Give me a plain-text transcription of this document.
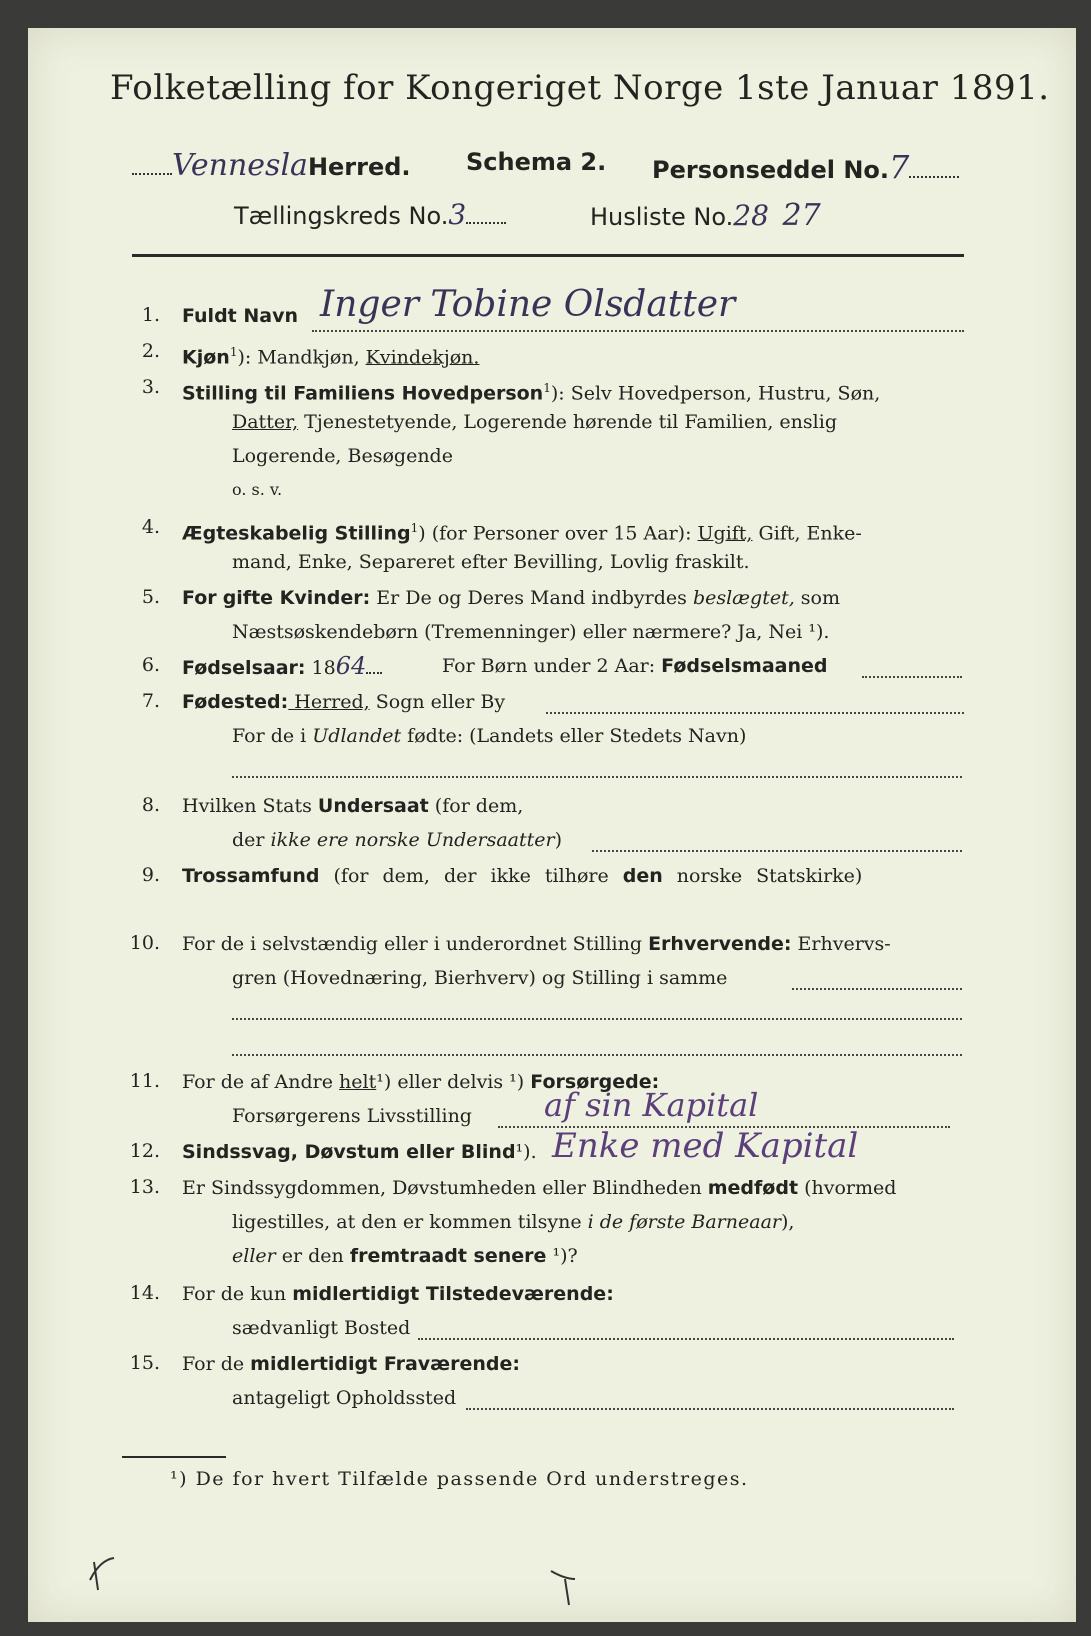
Folketælling for Kongeriget Norge 1ste Januar 1891.
VenneslaHerred. Schema 2. Personseddel No.7
Tællingskreds No.3	Husliste No.28 27
1. Fuldt Navn Inger Tobine Olsdatter
2. Kjøn$^1$): Mandkjøn, Kvindekjøn.
3. Stilling til Familiens Hovedperson$^1$): Selv Hovedperson, Hustru, Søn,
Datter, Tjenestetyende, Logerende hørende til Familien, enslig
Logerende, Besøgende
o. s. v.
4. Ægteskabelig Stilling$^1$) (for Personer over 15 Aar): Ugift, Gift, Enke-
mand, Enke, Separeret efter Bevilling, Lovlig fraskilt.
5. For gifte Kvinder: Er De og Deres Mand indbyrdes beslægtet, som
Næstsøskendebørn (Tremenninger) eller nærmere? Ja, Nei ¹).
6. Fødselsaar: 1864	For Børn under 2 Aar: Fødselsmaaned
7. Fødested: Herred, Sogn eller By
For de i Udlandet fødte: (Landets eller Stedets Navn)
8. Hvilken Stats Undersaat (for dem,
der ikke ere norske Undersaatter)
9. Trossamfund (for dem, der ikke tilhøre den norske Statskirke)
10. For de i selvstændig eller i underordnet Stilling Erhvervende: Erhvervs-
gren (Hovednæring, Bierhverv) og Stilling i samme
11. For de af Andre helt¹) eller delvis ¹) Forsørgede:
Forsørgerens Livsstilling af sin Kapital
12. Sindssvag, Døvstum eller Blind¹). Enke med Kapital
13. Er Sindssygdommen, Døvstumheden eller Blindheden medfødt (hvormed
ligestilles, at den er kommen tilsyne i de første Barneaar),
eller er den fremtraadt senere ¹)?
14. For de kun midlertidigt Tilstedeværende:
sædvanligt Bosted
15. For de midlertidigt Fraværende:
antageligt Opholdssted
¹) De for hvert Tilfælde passende Ord understreges.
